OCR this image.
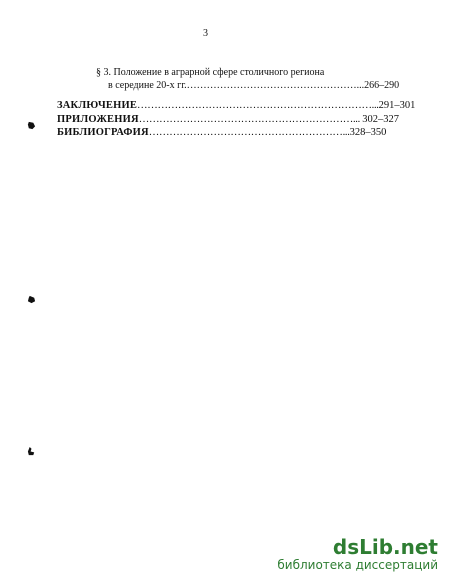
3
§ 3. Положение в аграрной сфере столичного региона
в середине 20-х гг.……………………………………………...266–290
ЗАКЛЮЧЕНИЕ……………………………………………………………...291–301
ПРИЛОЖЕНИЯ………………………………………………………... 302–327
БИБЛИОГРАФИЯ…………………………………………………...328–350
dsLib.net
библиотека диссертаций
